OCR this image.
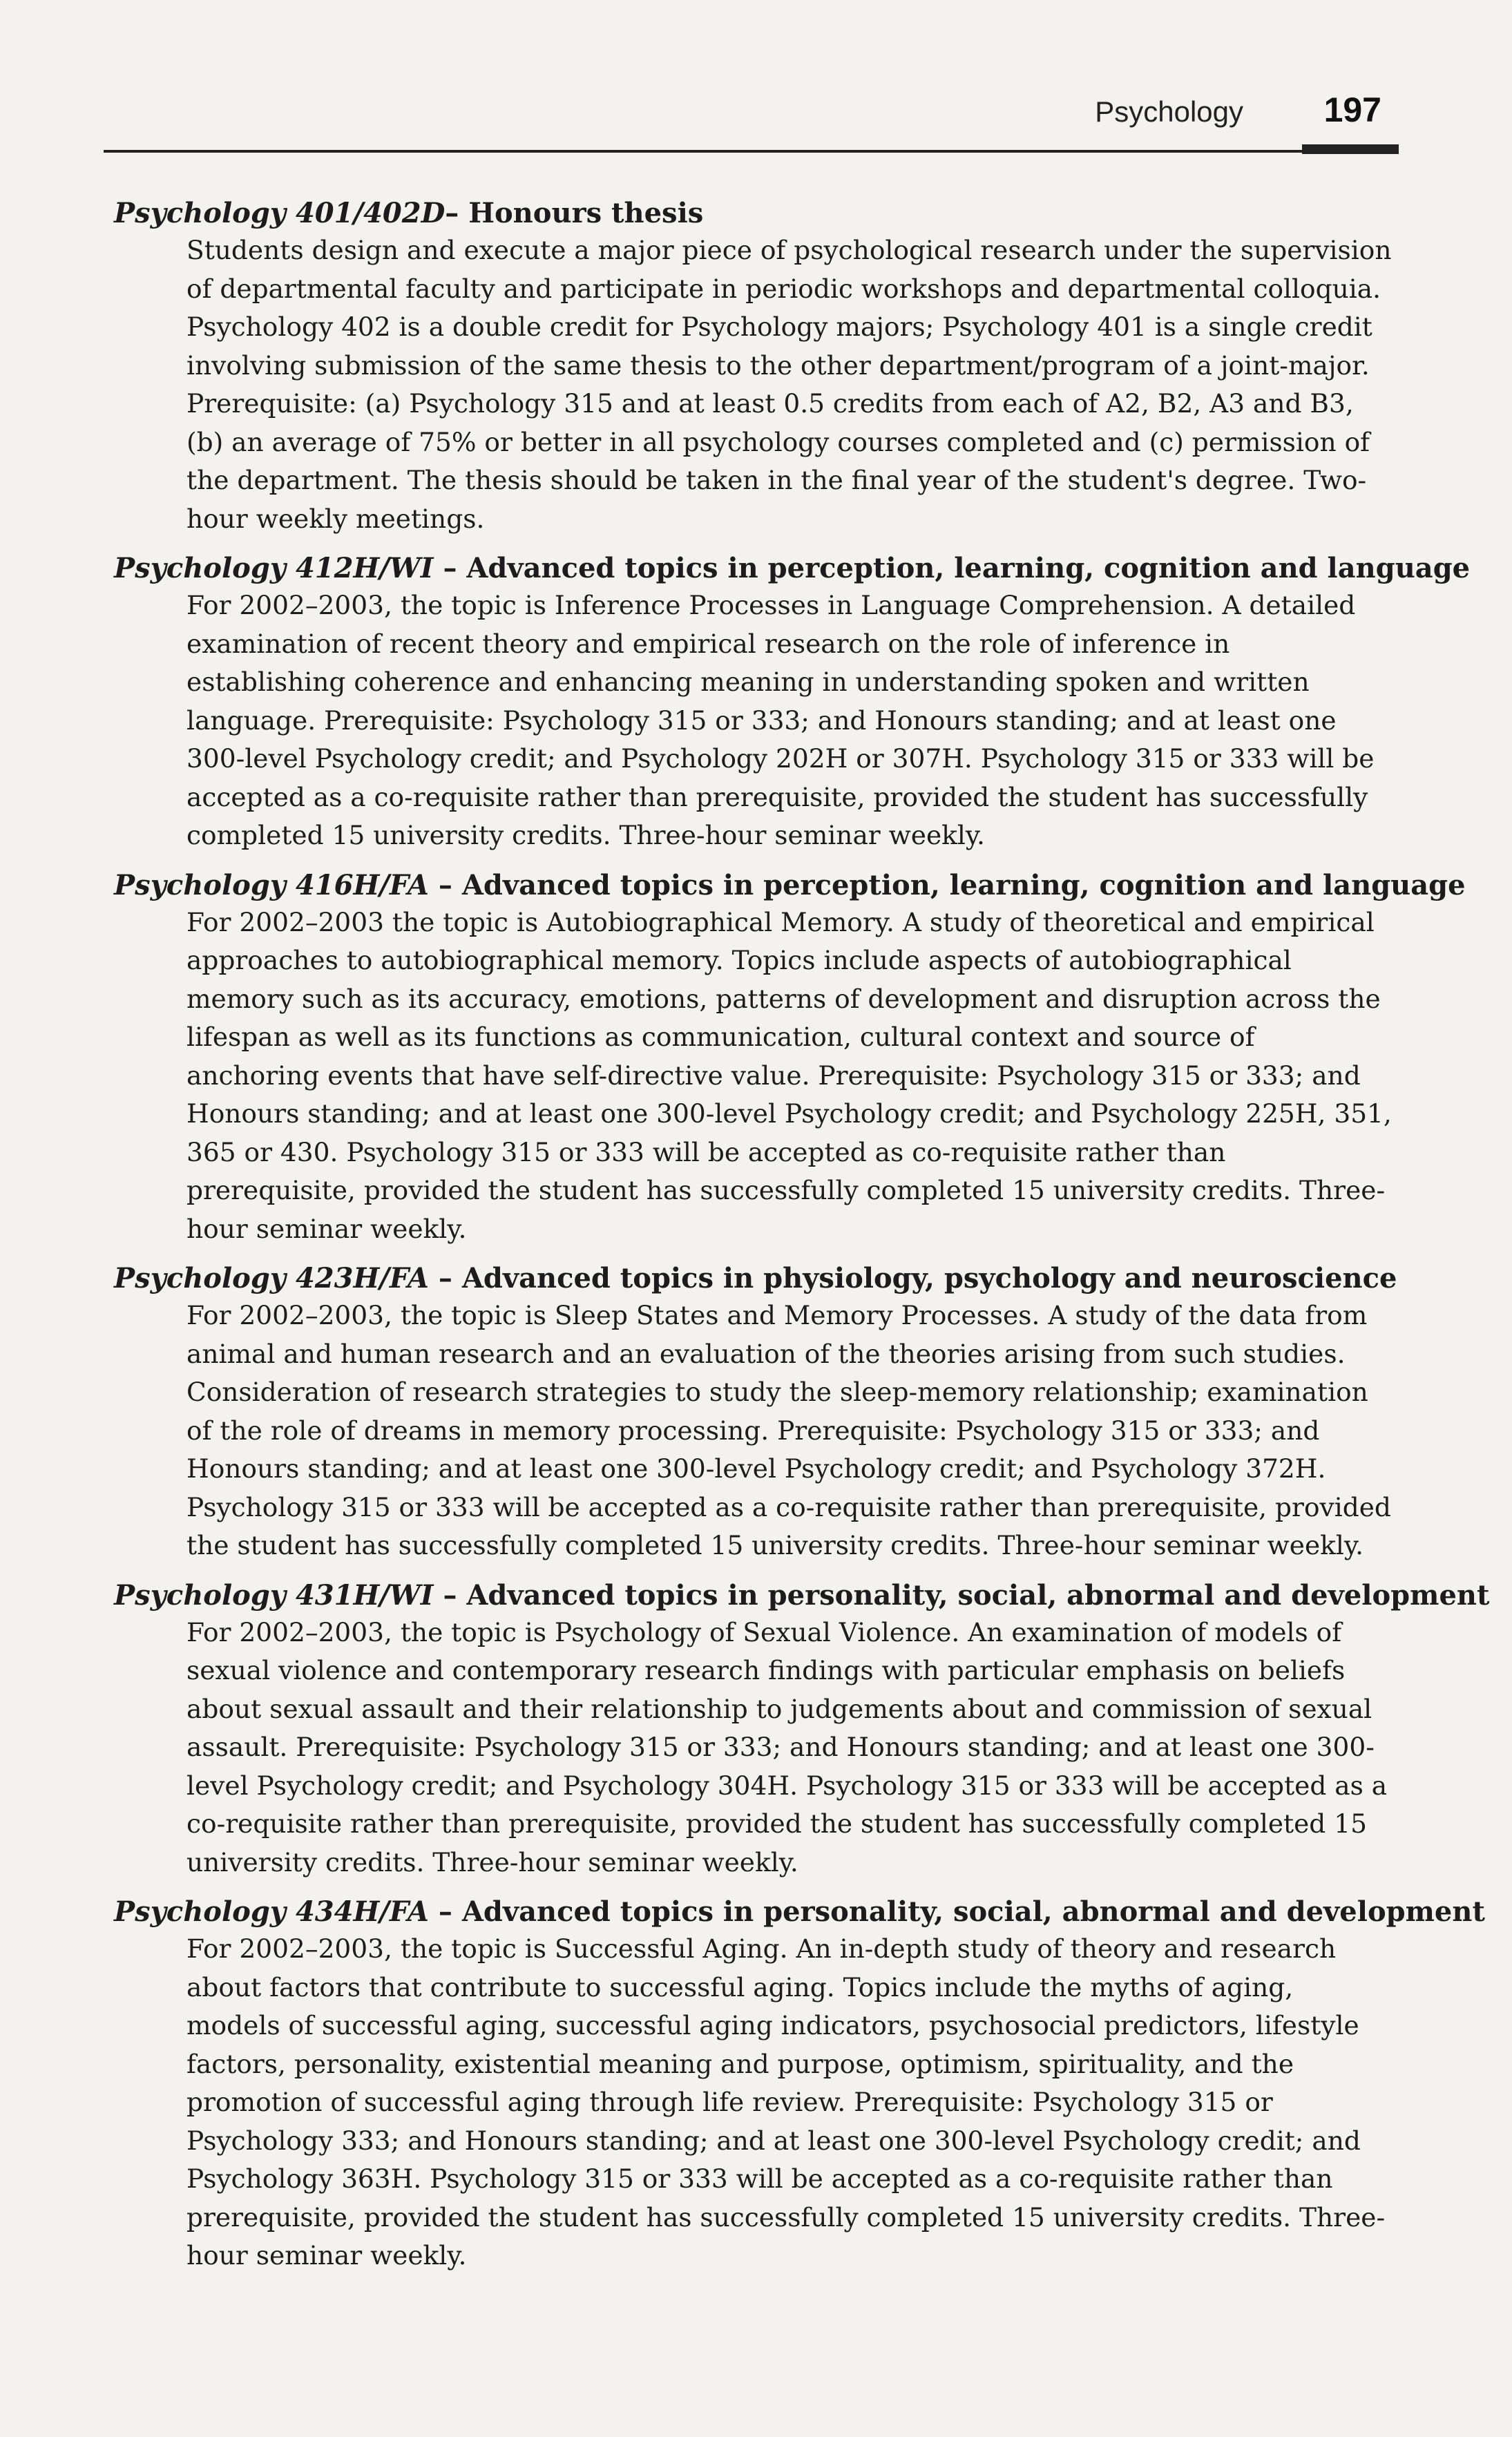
Psychology 197
Psychology 401/402D– Honours thesis
Students design and execute a major piece of psychological research under the supervision of departmental faculty and participate in periodic workshops and departmental colloquia. Psychology 402 is a double credit for Psychology majors; Psychology 401 is a single credit involving submission of the same thesis to the other department/program of a joint-major. Prerequisite: (a) Psychology 315 and at least 0.5 credits from each of A2, B2, A3 and B3, (b) an average of 75% or better in all psychology courses completed and (c) permission of the department. The thesis should be taken in the final year of the student's degree. Two-hour weekly meetings.
Psychology 412H/WI – Advanced topics in perception, learning, cognition and language
For 2002–2003, the topic is Inference Processes in Language Comprehension. A detailed examination of recent theory and empirical research on the role of inference in establishing coherence and enhancing meaning in understanding spoken and written language. Prerequisite: Psychology 315 or 333; and Honours standing; and at least one 300-level Psychology credit; and Psychology 202H or 307H. Psychology 315 or 333 will be accepted as a co-requisite rather than prerequisite, provided the student has successfully completed 15 university credits. Three-hour seminar weekly.
Psychology 416H/FA – Advanced topics in perception, learning, cognition and language
For 2002–2003 the topic is Autobiographical Memory. A study of theoretical and empirical approaches to autobiographical memory. Topics include aspects of autobiographical memory such as its accuracy, emotions, patterns of development and disruption across the lifespan as well as its functions as communication, cultural context and source of anchoring events that have self-directive value. Prerequisite: Psychology 315 or 333; and Honours standing; and at least one 300-level Psychology credit; and Psychology 225H, 351, 365 or 430. Psychology 315 or 333 will be accepted as co-requisite rather than prerequisite, provided the student has successfully completed 15 university credits. Three-hour seminar weekly.
Psychology 423H/FA – Advanced topics in physiology, psychology and neuroscience
For 2002–2003, the topic is Sleep States and Memory Processes. A study of the data from animal and human research and an evaluation of the theories arising from such studies. Consideration of research strategies to study the sleep-memory relationship; examination of the role of dreams in memory processing. Prerequisite: Psychology 315 or 333; and Honours standing; and at least one 300-level Psychology credit; and Psychology 372H. Psychology 315 or 333 will be accepted as a co-requisite rather than prerequisite, provided the student has successfully completed 15 university credits. Three-hour seminar weekly.
Psychology 431H/WI – Advanced topics in personality, social, abnormal and development
For 2002–2003, the topic is Psychology of Sexual Violence. An examination of models of sexual violence and contemporary research findings with particular emphasis on beliefs about sexual assault and their relationship to judgements about and commission of sexual assault. Prerequisite: Psychology 315 or 333; and Honours standing; and at least one 300-level Psychology credit; and Psychology 304H. Psychology 315 or 333 will be accepted as a co-requisite rather than prerequisite, provided the student has successfully completed 15 university credits. Three-hour seminar weekly.
Psychology 434H/FA – Advanced topics in personality, social, abnormal and development
For 2002–2003, the topic is Successful Aging. An in-depth study of theory and research about factors that contribute to successful aging. Topics include the myths of aging, models of successful aging, successful aging indicators, psychosocial predictors, lifestyle factors, personality, existential meaning and purpose, optimism, spirituality, and the promotion of successful aging through life review. Prerequisite: Psychology 315 or Psychology 333; and Honours standing; and at least one 300-level Psychology credit; and Psychology 363H. Psychology 315 or 333 will be accepted as a co-requisite rather than prerequisite, provided the student has successfully completed 15 university credits. Three-hour seminar weekly.
